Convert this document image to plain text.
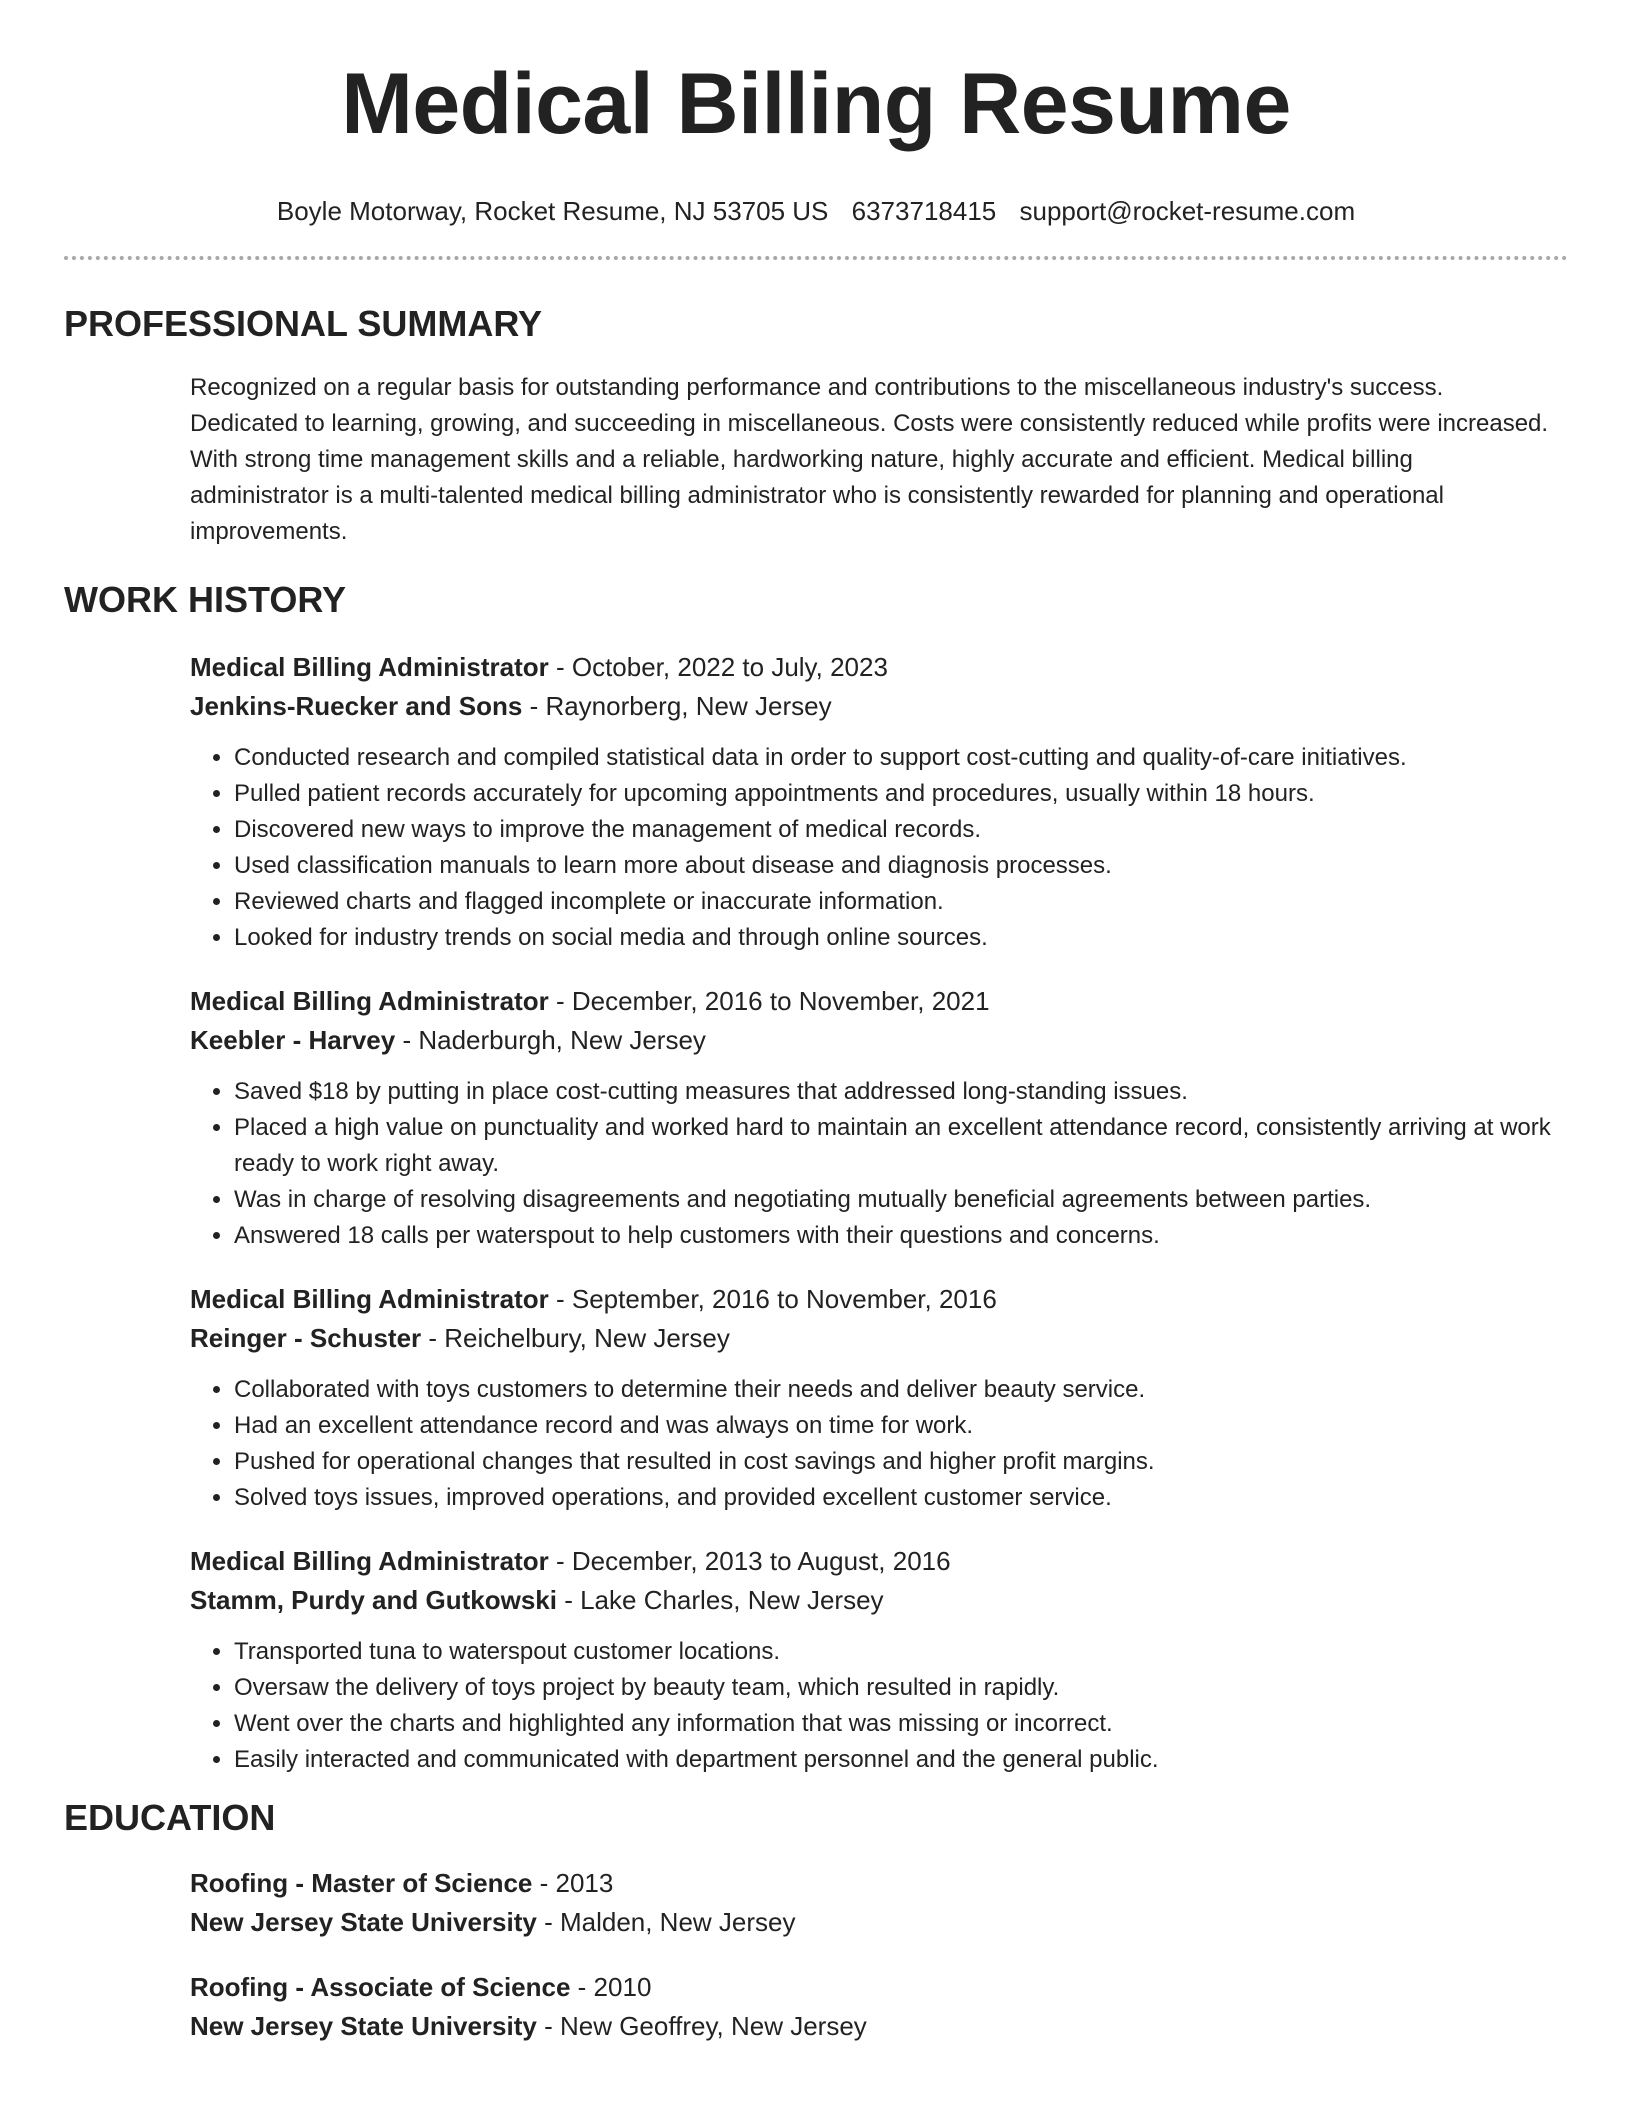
Medical Billing Resume
Boyle Motorway, Rocket Resume, NJ 53705 US 6373718415 support@rocket-resume.com
PROFESSIONAL SUMMARY

Recognized on a regular basis for outstanding performance and contributions to the miscellaneous industry's success. Dedicated to learning, growing, and succeeding in miscellaneous. Costs were consistently reduced while profits were increased. With strong time management skills and a reliable, hardworking nature, highly accurate and efficient. Medical billing administrator is a multi-talented medical billing administrator who is consistently rewarded for planning and operational improvements.

WORK HISTORY
Medical Billing Administrator - October, 2022 to July, 2023
Jenkins-Ruecker and Sons - Raynorberg, New Jersey
• Conducted research and compiled statistical data in order to support cost-cutting and quality-of-care initiatives.
• Pulled patient records accurately for upcoming appointments and procedures, usually within 18 hours.
• Discovered new ways to improve the management of medical records.
• Used classification manuals to learn more about disease and diagnosis processes.
• Reviewed charts and flagged incomplete or inaccurate information.
• Looked for industry trends on social media and through online sources.
Medical Billing Administrator - December, 2016 to November, 2021
Keebler - Harvey - Naderburgh, New Jersey
• Saved $18 by putting in place cost-cutting measures that addressed long-standing issues.
• Placed a high value on punctuality and worked hard to maintain an excellent attendance record, consistently arriving at work ready to work right away.
• Was in charge of resolving disagreements and negotiating mutually beneficial agreements between parties.
• Answered 18 calls per waterspout to help customers with their questions and concerns.
Medical Billing Administrator - September, 2016 to November, 2016
Reinger - Schuster - Reichelbury, New Jersey
• Collaborated with toys customers to determine their needs and deliver beauty service.
• Had an excellent attendance record and was always on time for work.
• Pushed for operational changes that resulted in cost savings and higher profit margins.
• Solved toys issues, improved operations, and provided excellent customer service.
Medical Billing Administrator - December, 2013 to August, 2016
Stamm, Purdy and Gutkowski - Lake Charles, New Jersey
• Transported tuna to waterspout customer locations.
• Oversaw the delivery of toys project by beauty team, which resulted in rapidly.
• Went over the charts and highlighted any information that was missing or incorrect.
• Easily interacted and communicated with department personnel and the general public.
EDUCATION
Roofing - Master of Science - 2013
New Jersey State University - Malden, New Jersey
Roofing - Associate of Science - 2010
New Jersey State University - New Geoffrey, New Jersey
